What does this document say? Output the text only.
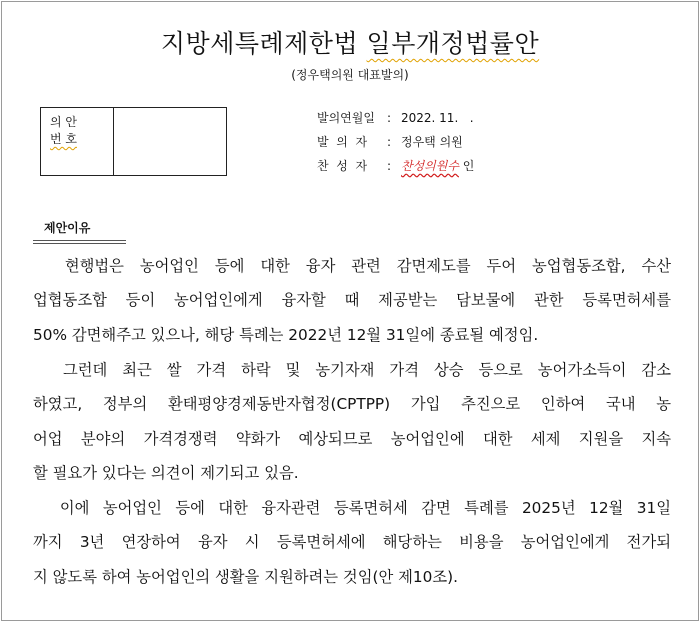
지방세특례제한법 일부개정법률안
(정우택의원 대표발의)
의 안
번 호
발의연월일 : 2022. 11.   .
발  의  자 : 정우택 의원
찬  성  자 : 찬성의원수 인
제안이유
현행법은 농어업인 등에 대한 융자 관련 감면제도를 두어 농업협동조합, 수산
업협동조합 등이 농어업인에게 융자할 때 제공받는 담보물에 관한 등록면허세를
50% 감면해주고 있으나, 해당 특례는 2022년 12월 31일에 종료될 예정임.
그런데 최근 쌀 가격 하락 및 농기자재 가격 상승 등으로 농어가소득이 감소
하였고, 정부의 환태평양경제동반자협정(CPTPP) 가입 추진으로 인하여 국내 농
어업 분야의 가격경쟁력 약화가 예상되므로 농어업인에 대한 세제 지원을 지속
할 필요가 있다는 의견이 제기되고 있음.
이에 농어업인 등에 대한 융자관련 등록면허세 감면 특례를 2025년 12월 31일
까지 3년 연장하여 융자 시 등록면허세에 해당하는 비용을 농어업인에게 전가되
지 않도록 하여 농어업인의 생활을 지원하려는 것임(안 제10조).
